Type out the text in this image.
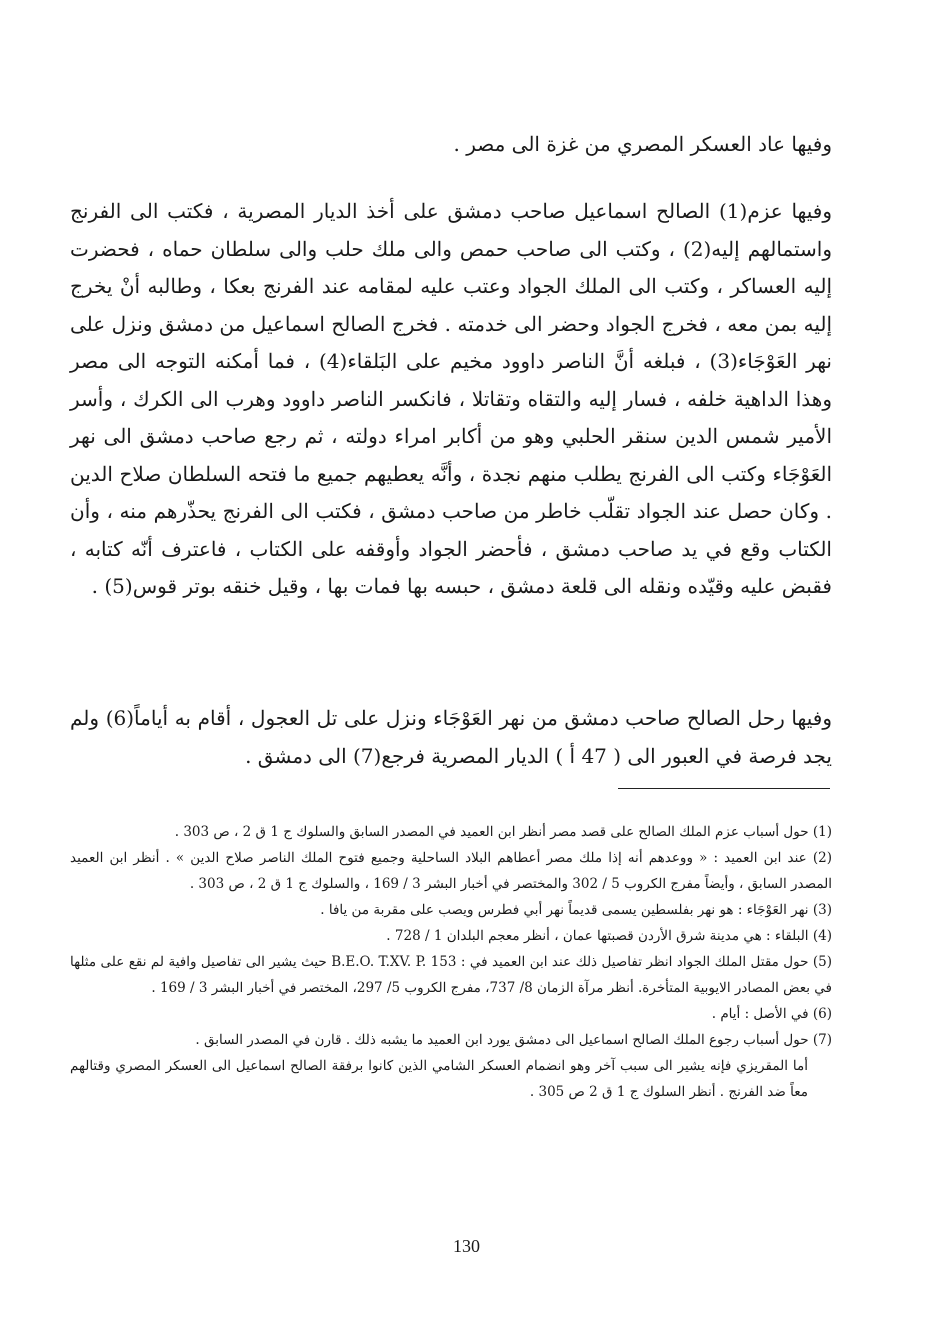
وفيها عاد العسكر المصري من غزة الى مصر .

وفيها عزم(1) الصالح اسماعيل صاحب دمشق على أخذ الديار المصرية ، فكتب الى الفرنج واستمالهم إليه(2) ، وكتب الى صاحب حمص والى ملك حلب والى سلطان حماه ، فحضرت إليه العساكر ، وكتب الى الملك الجواد وعتب عليه لمقامه عند الفرنج بعكا ، وطالبه أنْ يخرج إليه بمن معه ، فخرج الجواد وحضر الى خدمته . فخرج الصالح اسماعيل من دمشق ونزل على نهر العَوْجَاء(3) ، فبلغه أنَّ الناصر داوود مخيم على البَلقاء(4) ، فما أمكنه التوجه الى مصر وهذا الداهية خلفه ، فسار إليه والتقاه وتقاتلا ، فانكسر الناصر داوود وهرب الى الكرك ، وأسر الأمير شمس الدين سنقر الحلبي وهو من أكابر امراء دولته ، ثم رجع صاحب دمشق الى نهر العَوْجَاء وكتب الى الفرنج يطلب منهم نجدة ، وأنَّه يعطيهم جميع ما فتحه السلطان صلاح الدين . وكان حصل عند الجواد تقلّب خاطر من صاحب دمشق ، فكتب الى الفرنج يحذّرهم منه ، وأن الكتاب وقع في يد صاحب دمشق ، فأحضر الجواد وأوقفه على الكتاب ، فاعترف أنّه كتابه ، فقبض عليه وقيّده ونقله الى قلعة دمشق ، حبسه بها فمات بها ، وقيل خنقه بوتر قوس(5) .

وفيها رحل الصالح صاحب دمشق من نهر العَوْجَاء ونزل على تل العجول ، أقام به أياماً(6) ولم يجد فرصة في العبور الى ( 47 أ ) الديار المصرية فرجع(7) الى دمشق .

(1) حول أسباب عزم الملك الصالح على قصد مصر أنظر ابن العميد في المصدر السابق والسلوك ج 1 ق 2 ، ص 303 .
(2) عند ابن العميد : « ووعدهم أنه إذا ملك مصر أعطاهم البلاد الساحلية وجميع فتوح الملك الناصر صلاح الدين » . أنظر ابن العميد المصدر السابق ، وأيضاً مفرج الكروب 5 / 302 والمختصر في أخبار البشر 3 / 169 ، والسلوك ج 1 ق 2 ، ص 303 .
(3) نهر العَوْجَاء : هو نهر بفلسطين يسمى قديماً نهر أبي فطرس ويصب على مقربة من يافا .
(4) البلقاء : هي مدينة شرق الأردن قصبتها عمان ، أنظر معجم البلدان 1 / 728 .
(5) حول مقتل الملك الجواد انظر تفاصيل ذلك عند ابن العميد في : B.E.O. T.XV. P. 153 حيث يشير الى تفاصيل وافية لم نقع على مثلها في بعض المصادر الايوبية المتأخرة. أنظر مرآة الزمان 8/ 737، مفرج الكروب 5/ 297، المختصر في أخبار البشر 3 / 169 .
(6) في الأصل : أيام .
(7) حول أسباب رجوع الملك الصالح اسماعيل الى دمشق يورد ابن العميد ما يشبه ذلك . قارن في المصدر السابق .
أما المقريزي فإنه يشير الى سبب آخر وهو انضمام العسكر الشامي الذين كانوا برفقة الصالح اسماعيل الى العسكر المصري وقتالهم معاً ضد الفرنج . أنظر السلوك ج 1 ق 2 ص 305 .
130
